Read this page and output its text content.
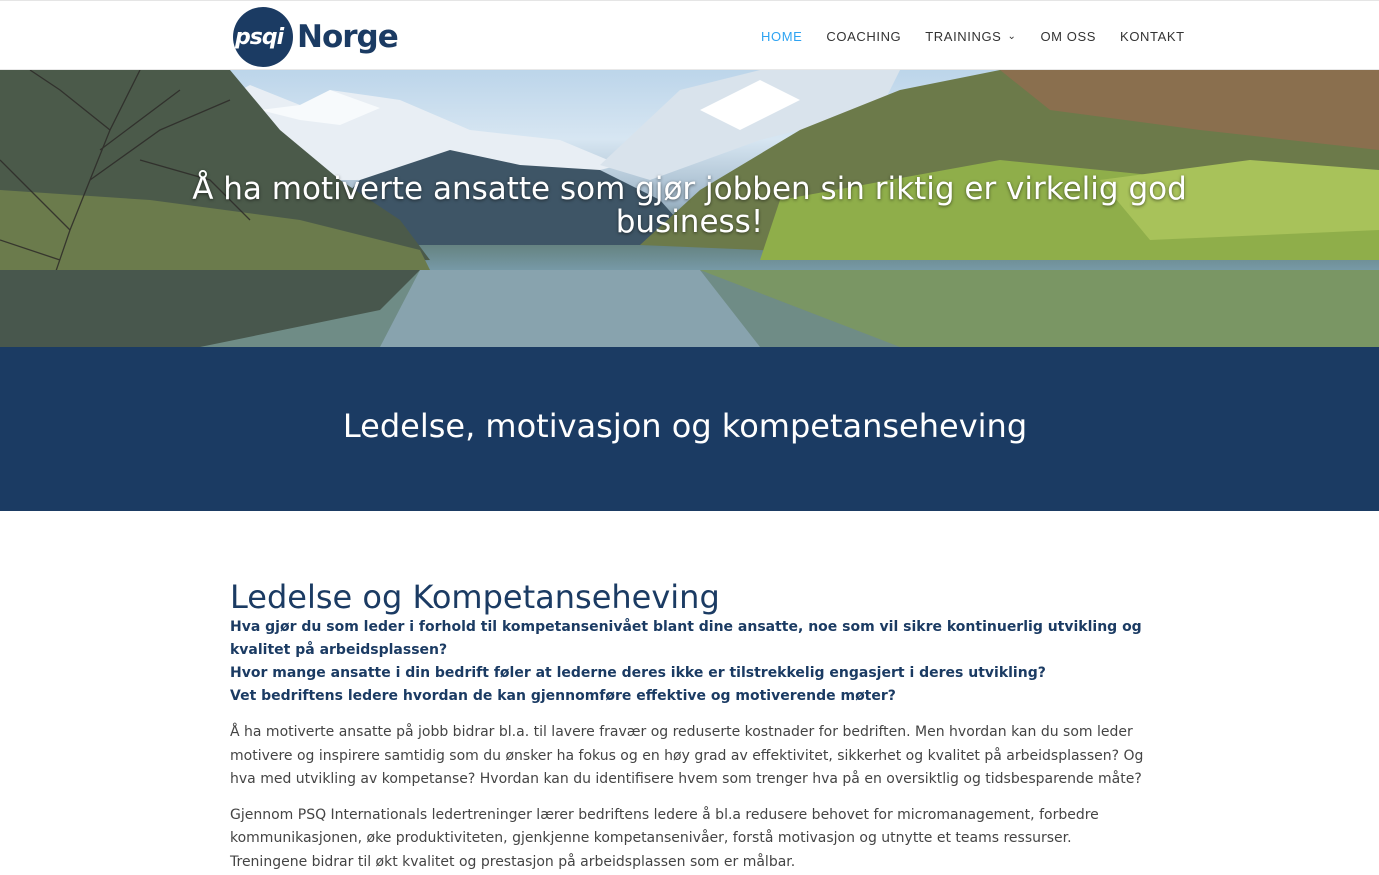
psqi Norge	HOME COACHING TRAININGS ⌄ OM OSS KONTAKT
Å ha motiverte ansatte som gjør jobben sin riktig er virkelig god business!
Ledelse, motivasjon og kompetanseheving
Ledelse og Kompetanseheving
Hva gjør du som leder i forhold til kompetansenivået blant dine ansatte, noe som vil sikre kontinuerlig utvikling og kvalitet på arbeidsplassen?
Hvor mange ansatte i din bedrift føler at lederne deres ikke er tilstrekkelig engasjert i deres utvikling?
Vet bedriftens ledere hvordan de kan gjennomføre effektive og motiverende møter?

Å ha motiverte ansatte på jobb bidrar bl.a. til lavere fravær og reduserte kostnader for bedriften. Men hvordan kan du som leder motivere og inspirere samtidig som du ønsker ha fokus og en høy grad av effektivitet, sikkerhet og kvalitet på arbeidsplassen? Og hva med utvikling av kompetanse? Hvordan kan du identifisere hvem som trenger hva på en oversiktlig og tidsbesparende måte?

Gjennom PSQ Internationals ledertreninger lærer bedriftens ledere å bl.a redusere behovet for micromanagement, forbedre kommunikasjonen, øke produktiviteten, gjenkjenne kompetansenivåer, forstå motivasjon og utnytte et teams ressurser. Treningene bidrar til økt kvalitet og prestasjon på arbeidsplassen som er målbar.
